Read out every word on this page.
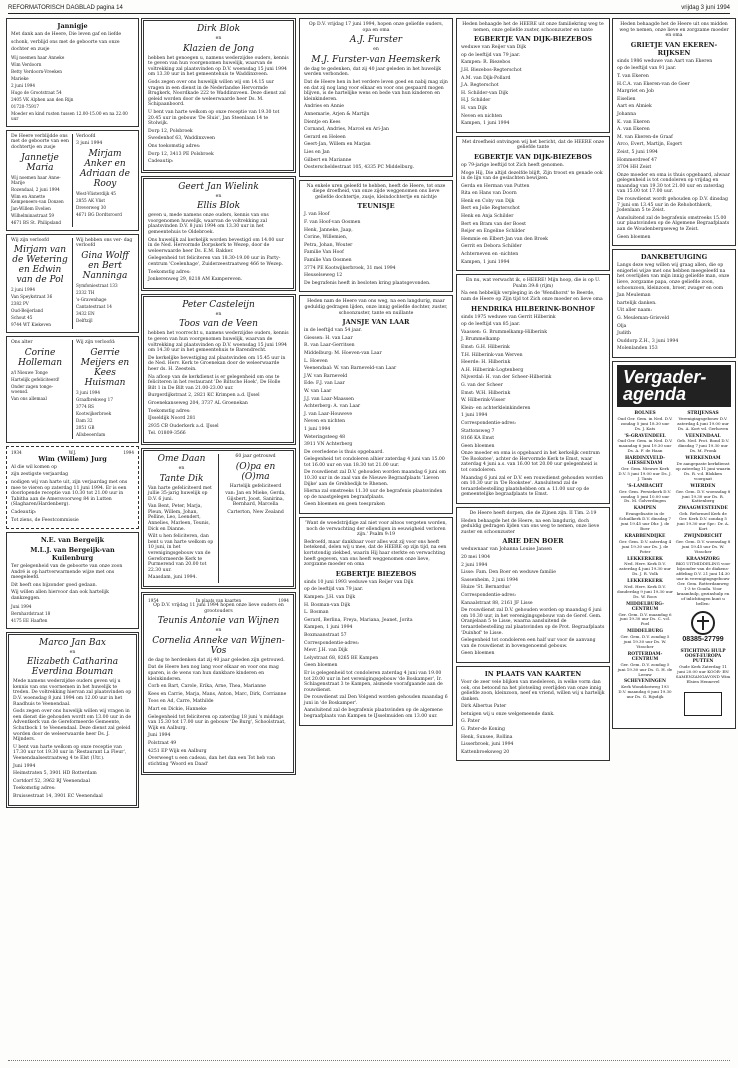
REFORMATORISCH DAGBLAD pagina 14	vrijdag 3 juni 1994

Jannigje

Met dank aan de Heere, Die leven gaf en liefde

schonk, verblijd ons met de geboorte van onze

dochter en zusje

Wij noemen haar Anneke

Wim Verdoorn

Betty Verdoorn-Vreeken

Marieke

2 juni 1994

Hugo de Grootstraat 54

2405 VK Alphen aan den Rijn

01720-75917

Moeder en kind rusten tussen 12.00-15.00 en na 22.00 uur

De Heere verblijdde ons met de geboorte van een dochtertje en zusje

Jannetje Maria

Wij noemen haar Anne-Marije

Rozendaal, 2 juni 1994

Wim en Annette Kempeneers-van Donzen

Jan-Willem Evelien

Wilhelminastraat 59

4671 BS St. Philipsland

Verloofd

3 juni 1994

Mirjam Anker en Adriaan de Rooy

West-Vlisterdijk 45

2855 AK Vlist

Dreverweg 30

4671 BG Dordtsroord

Wij zijn verloofd

Mirjam van de Wetering en Edwin van de Pol

2 juni 1994

Van Speykstraat 36

2382 PV

Oud-Beijerland

Schout 45

9744 WT Kiekeven

Wij hebben ons ver- dag verloofd

Gina Wolff en Bert Nanninga

Symfoniestraat 133

2332 TH

's-Gravenhage

Cantatestraat 14

3432 EN

Delftzijl

Ons alter

Corine Holleman

z/l Nieuwe Tonge

Hartelijk gefeliciteerd!

Onder zagen tonge-woensd.

Van ons allemaal

Wij zijn verloofd:

Gerrie Meijers en Kees Huisman

3 juni 1994

Graafbrekweg 17

3774 RS

Kootwijkerbroek

Dam 32

2051 GB

Allsbeoerdam

1934	W.J.	1994

Wim (Willem) Jurg

Al die wil komen op

zijn zestigste verjaardag

nodigen wij van harte uit, zijn verjaardag met ons mee te vieren op zaterdag 11 juni 1994. Er is een doorlopende receptie van 10.30 tot 21.00 uur in Tabitha aan de Amersvoorweg 84 in Lutten (Slagharen/Hardenberg).

Cadeautip:

Tot ziens, de Feestcommissie

N.E. van Bergeijk

M.L.J. van Bergeijk-van Kuilenburg

Ter gelegenheid van de geboorte van onze zoon André is op hartverwarmende wijze met ons meegeleefd.

Dit heeft ons bijzonder goed gedaan.

Wij willen allen hiervoor dan ook hartelijk dankzeggen.

Juni 1994

Bernhardstraat 18

4175 EE Haaften

Marco Jan Bax

en

Elizabeth Catharina Everdina Bouman

Mede namens wederzijdse ouders geven wij u kennis van ons voornemen in het huwelijk te treden. De voltrekking hiervan zal plaatsvinden op D.V. woensdag 8 juni 1994 om 12.00 uur in het Raadhuis te Veenendaal.

Gods zegen over ons huwelijk willen wij vragen in een dienst die gehouden wordt om 13.00 uur in de Adventkerk van de Gereformeerde Gemeente, Schutbock 1 te Veenendaal. Deze dienst zal geleid worden door de weleerwaarde heer Ds. J. Mijnders.

U bent van harte welkom op onze receptie van 17.30 uur tot 19.30 uur in 'Restaurant La Fleur', Veenendaalsestraatweg 4 te Elst (Utr.).

Juni 1994

Heimstraten 5, 3901 HD Rotterdam

Cortdorf 52, 3962 RJ Veenendaal

Toekomstig adres:

Bruissestraat 14, 3901 EC Veenendaal

Dirk Blok

en

Klazien de Jong

hebben het genoegen u, namens wederzijdse ouders, kennis te geven van hun voorgenomen huwelijk, waarvan de voltrekking zal plaatsvinden op D.V. woensdag 15 juni 1994 om 13.30 uur in het gemeentehuis te Waddinxveen.

Gods zegen over ons huwelijk willen wij om 14.15 uur vragen in een dienst in de Nederlandse Hervormde Brugkerk, Noordkade 222 te Waddinxveen. Deze dienst zal geleid worden door de weleerwaarde heer Ds. M. Schipaanboord.

U bent van harte welkom op onze receptie van 19.30 tot 20.45 uur in gebouw 'De Sluis', Jan Steenlaan 14 te Stolwijk.

Dorp 12, Polsbroek

Swedenhof 63, Waddinxveen

Ons toekomstig adres:

Dorp 12, 3413 PE Polsbroek

Cadeautip:

Geert Jan Wielink

en

Ellis Blok

geven u, mede namens onze ouders, kennis van ons voorgenomen huwelijk, waarvan de voltrekking zal plaatsvinden D.V. 8 juni 1994 om 13.30 uur in het gemeentehuis te Oldebroek.

Ons huwelijk zal kerkelijk worden bevestigd om 14.00 uur in de Ned. Hervormde Dorpskerk te Wezep, door de weleerwaarde heer Ds. E.M. Bakker.

Gelegenheid tot feliciteren van 18.30-19.00 uur in Party-centrum 'Coelenhage', Zuiderzeestraatweg 466 te Wezep.

Toekomstig adres:

Jonkerenweg 29, 8218 AM Kampereven.

Peter Casteleijn

en

Toos van de Veen

hebben het voorrecht u, namens wederzijdse ouders, kennis te geven van hun voorgenomen huwelijk, waarvan de voltrekking zal plaatsvinden op D.V. woensdag 15 juni 1994 om 14.30 uur in het gemeentehuis te Barendrecht.

De kerkelijke bevestiging zal plaatsvinden om 15.45 uur in de Ned. Herv. Kerk te Groenekan door de weleerwaarde heer ds. H. Zeestein.

Na afloop van de kerkdienst is er gelegenheid om ons te feliciteren in het restaurant 'De Biltsche Hoek', De Holle Bilt 1 in De Bilt van 21.00-23.00 uur.

Burgerdijkstraat 2, 2821 KC Krimpen a.d. IJssel

Groenekanseweg 204, 3737 AL Groenekan

Toekomstig adres:

IJsseldijk Noord 281

2935 CB Ouderkerk a.d. IJssel

Tel. 01809-3566

Ome Daan

en

Tante Dik

Van harte gefeliciteerd met jullie 35-jarig huwelijk op D.V. 6 juni.

Van Bent, Peter, Marja, Pleun, Willem, Johan, Pelline, Leo, Leendert, Annelies, Marleen, Teunis, Dick en Dianne.

Wilt u hen feliciteren, dan bent u van harte welkom op 10 juni, in het verenigingsgebouw van de Gereformeerde Kerk te Purmerend van 20.00 tot 22.30 uur.

Maasdam, juni 1994.

60 jaar getrouwd

(O)pa en (O)ma

Hartelijk gefeliciteerd

van: Jan en Mieke, Gerda, Gijsbert, Joost, Sanirina, Bernhard, Marcella

Carterton, New Zealand

1954	In plaats van kaarten	1994

Op D.V. vrijdag 11 juni 1994 hopen onze lieve ouders en grootouders

Teunis Antonie van Wijnen

en

Cornelia Anneke van Wijnen-Vos

de dag te herdenken dat zij 40 jaar geleden zijn getrouwd.

Dat de Heere hen nog lang voor elkaar en voor ons mag sparen, is de wens van hun dankbare kinderen en kleinkinderen.

Corb en Bart, Carole, Erika, Arne, Thea, Marianne

Kees en Carrie, Marja, Mans, Anton, Marc, Dirk, Corrianne

Toos en Ad, Carre, Mathilde

Mart en Dickie, Hanneke

Gelegenheid tot feliciteren op zaterdag 18 juni 's middags van 15.30 tot 17.00 uur in gebouw 'De Burg', Schoolstraat, Wijk en Aalburg.

Juni 1994

Polstraat 49

4251 EP Wijk en Aalburg

Overweegt u een cadeau, dan het dan een Tot heb van stichting 'Woord en Daad'

Op D.V. vrijdag 17 juni 1994, hopen onze geliefde ouders, opa en oma

A.J. Furster

en

M.J. Furster-van Heemskerk

de dag te gedenken, dat zij 40 jaar geleden in het huwelijk werden verbonden.

Dat de Heere hen in het verdere leven goed en nabij mag zijn en dat zij nog lang voor elkaar en voor ons gespaard mogen blijven, is de hartelijke wens en bede van hun kinderen en kleinkinderen.

Andries en Annie

Annemarie, Arjen & Martijn

Dientje en Kees

Cornand, Andries, Marcel en Ari-Jan

Gerard en Heleen

Geert-Jan, Willem en Marjan

Lies en Jan

Gilbert en Marianne

Oosterscheldestraat 105, 4335 PC Middelburg.

Na enkele uren geleefd te hebben, heeft de Heere, tot onze diepe droefheid, van onze zijde weggenomen ons lieve geliefde dochtertje, zusje, kleindochtertje en nichtje

TEUNISJE

J. van Hoof

F. van Hoof-van Oosmen

Henk, Janneke, Jaap,

Corine, Willemien,

Petra, Johan, Wouter

Familie Van Hoof

Familie Van Oosmen

3774 PE Kootwijkerbroek, 31 mei 1994

Heuselseweg 12

De begrafenis heeft in besloten kring plaatsgevonden.

Heden nam de Heere van ons weg, na een langdurig, maar geduldig gedragen lijden, onze innig geliefde dochter, zuster, schoonzuster, tante en nuillante

JANSJE VAN LAAR

in de leeftijd van 54 jaar.

Giessen: H. van Laar

R. van Laar-Gerritsen

Middelburg: M. Hoeven-van Laar

L. Hoeven

Veenendaal: W. van Barneveld-van Laar

J.W. van Barneveld

Ede: F.J. van Laar

W. van Laar

J.J. van Laar-Maassen

Achterberg: A. van Laar

J. van Laar-Houweve

Neven en nichten

1 juni 1994

Weteringsteeg 48

3911 VN Achterberg

De overledene is thuis opgebaard.

Gelegenheid tot condoleren alhier zaterdag 4 juni van 15.00 tot 16.00 uur en van 18.30 tot 21.00 uur.

De rouwdienst zal D.V. gehouden worden maandag 6 juni om 10.30 uur in de zaal van de Nieuwe Begraafplaats 'Lieven Dijke' aan de Grebbedijk te Rhenen.

Hierna zal omstreeks 11.30 uur de begrafenis plaatsvinden op de naastgelegen begraafplaats.

Geen bloemen en geen toespraken

'Want de woedstrijdige zal niet voor altoos vergeten worden, noch de verwachting der ellendigen in eeuwigheid verloren zijn.' Psalm 9:19

Bedroefd, maar dankbaar voor alles wat zij voor ons heeft betekend, delen wij u mee, dat de HEERE op zijn tijd, na een kortstondig ziekbed, waarin Hij haar sterkte en verwachting heeft gegeven, van ons heeft weggenomen onze lieve, zorgzame moeder en oma

EGBERTJE BIEZEBOS

sinds 10 juni 1993 weduwe van Reijer van Dijk

op de leeftijd van 79 jaar.

Kampen: J.H. van Dijk

H. Bosman-van Dijk

L. Bosman

Gerard, Berlina, Freya, Mariana, Jeanet, Jorita

Kampen, 1 juni 1994

Boxmaanstraat 57

Correspondentie-adres:

Mevr. J.H. van Dijk

Lelystraat 68, 8265 BE Kampen

Geen bloemen

Er is gelegenheid tot condoleren zaterdag 4 juni van 19.00 tot 20.00 uur in het verenigingsgebouw 'de Boskamper', Ir. Schlagenstraat 3 te Kampen, alsmede voorafgaande aan de rouwdienst.

De rouwdienst zal Den Volgend worden gehouden maandag 6 juni in 'de Boskamper'.

Aansluitend zal de begrafenis plaatsvinden op de algemene begraafplaats van Kampen te IJsselmuiden om 13.00 uur.

Heden behaagde het de HEERE uit onze familiekring weg te nemen, onze geliefde zuster, schoonzuster en tante

EGBERTJE VAN DIJK-BIEZEBOS

weduwe van Reijer van Dijk

op de leeftijd van 79 jaar.

Kampen: R. Biezebos

J.H. Biezebos-Regterschot

A.M. van Dijk-Pollard

J.A. Regterschot

H. Schilder-van Dijk

H.J. Schilder

H. van Dijk

Neven en nichten

Kampen, 1 juni 1994

Met droefheid ontvingen wij het bericht, dat de HEERE onze geliefde tante

EGBERTJE VAN DIJK-BIEZEBOS

op 79-jarige leeftijd tot Zich heeft genomen.

Moge Hij, Die altijd dezelfde blijft, Zijn troost en genade ook in de lijn van de geslachten bewijzen.

Gerda en Herman van Putten

Rita en Hans van Doorn

Henk en Coby van Dijk

Bert en Jolie Regterschot

Henk en Anja Schilder

Bert en Bram van der Boest

Reijer en Engeline Schilder

Hemmie en Elbert-Jan van den Broek

Gerrit en Debora Schilder

Achterneven en -nichten

Kampen, 1 juni 1994

En nu, wat verwacht ik, o HEERE! Mijn hoop, die is op U. Psalm 39:8 (rijm)

Na een hebbelijk verpleging in de 'Wendhorst' te Beerde, nam de Heere op Zijn tijd tot Zich onze moeder en lieve oma

HENDRIKA HILBERINK-BONHOF

sinds 1975 weduwe van Gerrit Hilberink

op de leeftijd van 85 jaar.

Vaassen: G. Brummelkamp-Hilberink

J. Brummelkamp

Emst: G.H. Hilberink

T.H. Hilberink-van Werven

Heerde: H. Hilberink

A.H. Hilberink-Logtenberg

Nijverdal: H. van der Scheer-Hilberink

G. van der Scheer

Emst: W.H. Hilberink

W. Hilberink-Visser

Klein- en achterkleinkinderen

1 juni 1994

Correspondentie-adres:

Stattonsweg 7

8166 KA Emst

Geen bloemen

Onze moeder en oma is opgebaard in het kerkelijk centrum 'De Rookstee', achter de Hervormde Kerk te Emst, waar zaterdag 4 juni a.s. van 16.00 tot 20.00 uur gelegenheid is tot condoleren.

Maandag 6 juni zal er D.V. een rouwdienst gehouden worden om 10.30 uur in 'De Rookstee'. Aansluitend zal de teraardebestelling plaatshebben om ± 11.00 uur op de gemeentelijke begraafplaats te Emst.

De Heere heeft dorpen, die de Zijnen zijn. II Tim. 2:19

Heden behaagde het de Heere, na een langdurig, doch geduldig gedragen lijden van ons weg te nemen, onze lieve zuster en schoonzuster

ARIE DEN BOER

weduwnaar van Johanna Louise Jansen

20 mei 1904

2 juni 1994

Lisse: Fam. Den Boer en weduwe familie

Sassenheim, 2 juni 1994

Huize 'St. Bernardus'

Correspondentie-adres:

Kanaalstraat 88, 2161 JF Lisse

De rouwdienst zal D.V. gehouden worden op maandag 6 juni om 10.30 uur, in het verenigingsgebouw van de Geref. Gem. Oranjelaan 5 te Lisse, waarna aansluitend de teraardebestelling zal plaatsvinden op de Prot. Begraafplaats 'Duinhof' te Lisse.

Gelegenheid tot condoleren een half uur voor de aanvang van de rouwdienst in bovengenoemd gebouw.

Geen bloemen

IN PLAATS VAN KAARTEN

Voor de zeer vele blijken van medeleven, in welke vorm dan ook, ons betoond na het plotseling overlijden van onze innig geliefde zoon, kleinzoon, neef en vriend, willen wij u hartelijk danken.

Dirk Albertus Pater

betuigen wij u onze welgemeende dank.

G. Pater

G. Pater-de Koning

Henk, Sunsee, Rollina

Lisserbroek, juni 1994

Kattenbroeksweg 20

Heden behaagde het de Heere uit ons midden weg te nemen, onze lieve en zorgzame moeder en oma

GRIETJE VAN EKEREN-RIJKSEN

sinds 1986 weduwe van Aart van Ekeren

op de leeftijd van 91 jaar.

T. van Ekeren

H.C.A. van Ekeren-van de Geer

Margriet en Job

Eiselien

Aart en Almiek

Johanna

K. van Ekeren

A. van Ekeren

M. van Ekeren-de Graaf

Arco, Evert, Martijn, Esgert

Zeist, 5 juni 1994

Hommerdreef 47

3704 HH Zeist

Onze moeder en oma is thuis opgebaard, alwaar gelegenheid is tot condoleren op vrijdag en maandag van 19.30 tot 21.00 uur en zaterdag van 15.00 tot 17.00 uur.

De rouwdienst wordt gehouden op D.V. dinsdag 7 juni om 13.45 uur in de Rehobothkerk, Jodenlaan 5 te Zeist.

Aansluitend zal de begrafenis omstreeks 15.00 uur plaatsvinden op de Algemene Begraafplaats aan de Woudenbergseweg te Zeist.

Geen bloemen

DANKBETUIGING

Langs deze weg willen wij graag allen, die op enigerlei wijze met ons hebben meegeleefd na het overlijden van mijn innig geliefde man, onze lieve, zorgzame papa, onze geliefde zoon, schoonzoon, kleinzoon, broer, zwager en oom

Jan Meuleman

hartelijk danken.

Uit aller naam:

G. Meuleman-Grisveld

Olja

Judith

Ouddorp Z.H., 3 juni 1994

Molenlanden 153

Vergader-agenda
BOLNES
Oud Ger. Gem. in Ned. D.V. zondag 5 juni 18.30 uur Ds. J. Kats
'S-GRAVENDEEL
Oud Ger. Gem. in Ned. D.V. maandag 6 juni 19.30 uur Ds. A. F. de Haan
HARDINXVELD-GIESSENDAM
Ger. Gem. Nieuwe Kerk D.V. 5 juni 19.00 uur Ds. J. J. Tanis
'S-LAMBACHT
Ger. Gem. Persiekerk D.V. zondag 5 juni 10.00 uur Ds. M. Golverdingen
KAMPEN
Evangelisatie in de Schuilkerk D.V. dinsdag 7 juni 19.45 uur Dhr. J. de Boer
KRABBENDIJKE
Ger. Gem. D.V. zaterdag 4 juni 19.30 uur Ds. J. de Poter
LEKKERKERK
Ned. Herv. Kerk D.V. zaterdag 4 juni 19.30 uur Ds. J. R. Volk
LEKKERKERK
Ned. Herv. Kerk D.V. donderdag 9 juni 19.30 uur Ds. W. Roos
MIDDELBURG-CENTRUM
Ger. Gem. D.V. maandag 6 juni 19.30 uur Ds. C. v.d. Poel
MIDDELBURG
Ger. Gem. D.V. zondag 5 juni 19.30 uur Ds. W. Visscher
ROTTERDAM-CENTRUM
Ger. Gem. D.V. zondag 5 juni 19.30 uur Ds. G. H. de Leeuw
SCHEVENINGEN
Kerk Wonddoriweg 193 D.V. maandag 6 juni 19.30 uur Ds. G. Rijsdijk
STRIJENSAS
Verenigingsgebouw D.V. zaterdag 4 juni 19.00 uur Ds. A. Kort vd. Gerhoven
VEENENDAAL
Geb. Ned. Prot. Bond D.V. dinsdag 7 juni 19.30 uur Ds. M. Fronk
WERKENDAM
De aangepaste kerkdienst op zaterdag 11 juni waarin Ds. R. v.d. Blokken voorgaat
WIERDEN
Ger. Gem. D.V. woensdag 8 juni 19.30 uur Ds. R. Kattenberg
ZWAAGWESTEINDE
Geb. Reformed Kerk de Ger. Kerk D.V. zondag 5 juni 19.30 uur Spr.: Dr. A. Kort
ZWIJNDRECHT
Ger. Gem. D.V. woensdag 8 juni 19.45 uur Ds. W. Visscher
KRAAMZORG
BKG UITMIDDELING voor bijzonder van de diakens-afdeling D.V. 21 juni 14.30 uur in verenigingsgebouw Ger. Gem. Rotterdamweg 1-3 te Gouda. Voor kraamhulp, gezinshulp en of inlichtingen kunt u bellen:
08385-27799
STICHTING HULP OOST-EUROPA PUTTEN
Oude Kerk Zaterdag 11 juni 20.00 uur KOOR- EN SAMENZANGAVOND Wim Elsien Hennevel
